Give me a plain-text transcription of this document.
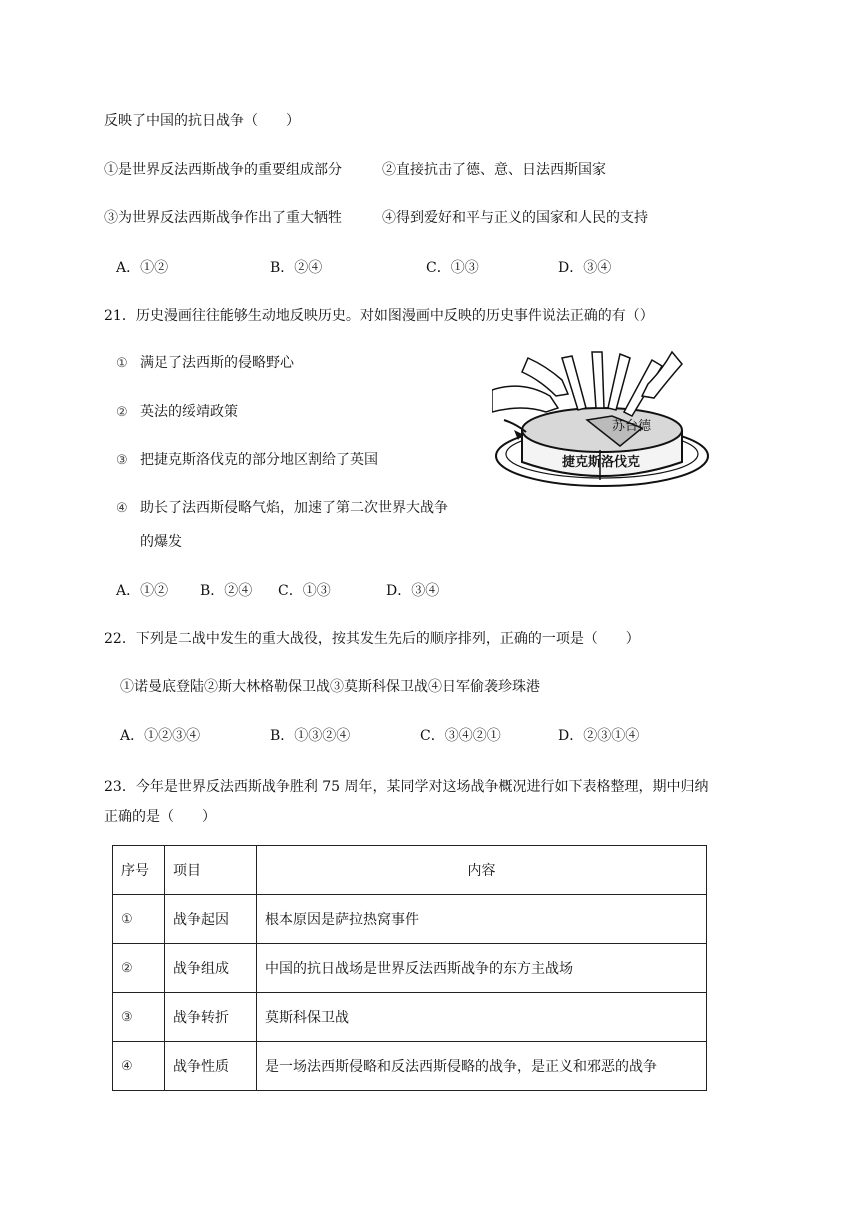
反映了中国的抗日战争（　　）
①是世界反法西斯战争的重要组成部分	②直接抗击了德、意、日法西斯国家
③为世界反法西斯战争作出了重大牺牲	④得到爱好和平与正义的国家和人民的支持
A．①②	B．②④	C．①③	D．③④
21．历史漫画往往能够生动地反映历史。对如图漫画中反映的历史事件说法正确的有（）
① 满足了法西斯的侵略野心
② 英法的绥靖政策
③ 把捷克斯洛伐克的部分地区割给了英国
④ 助长了法西斯侵略气焰，加速了第二次世界大战争
的爆发
苏台德
捷克斯洛伐克
A．①② B．②④ C．①③	D．③④
22．下列是二战中发生的重大战役，按其发生先后的顺序排列，正确的一项是（　　）
①诺曼底登陆②斯大林格勒保卫战③莫斯科保卫战④日军偷袭珍珠港
A．①②③④	B．①③②④	C．③④②①	D．②③①④
23．今年是世界反法西斯战争胜利 75 周年，某同学对这场战争概况进行如下表格整理，期中归纳
正确的是（　　）
序号	项目	内容
①	战争起因	根本原因是萨拉热窝事件
②	战争组成	中国的抗日战场是世界反法西斯战争的东方主战场
③	战争转折	莫斯科保卫战
④	战争性质	是一场法西斯侵略和反法西斯侵略的战争，是正义和邪恶的战争
